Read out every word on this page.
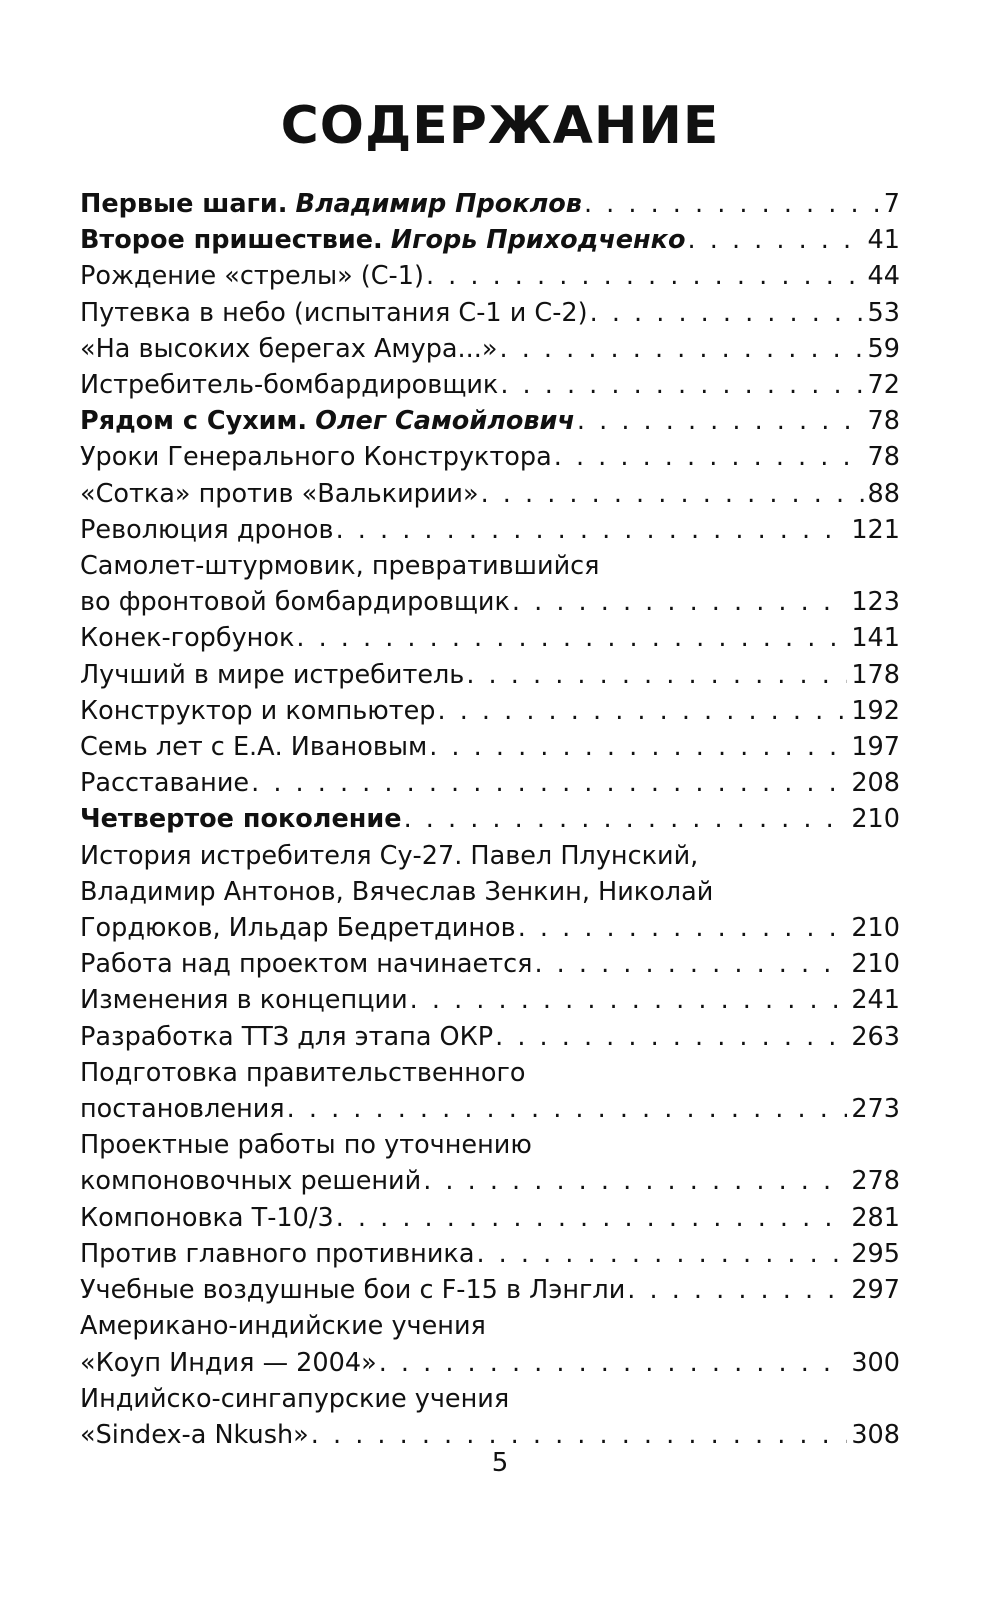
СОДЕРЖАНИЕ
Первые шаги. Владимир Проклов . . .	7
Второе пришествие. Игорь Приходченко . . .	41
Рождение «стрелы» (С-1) . . .	44
Путевка в небо (испытания С-1 и С-2) . . .	53
«На высоких берегах Амура...» . . .	59
Истребитель-бомбардировщик . . .	72
Рядом с Сухим. Олег Самойлович . . .	78
Уроки Генерального Конструктора . . .	78
«Сотка» против «Валькирии» . . .	88
Революция дронов . . .	121
Самолет-штурмовик, превратившийся
во фронтовой бомбардировщик . . .	123
Конек-горбунок . . .	141
Лучший в мире истребитель . . .	178
Конструктор и компьютер . . .	192
Семь лет с Е.А. Ивановым . . .	197
Расставание . . .	208
Четвертое поколение . . .	210
История истребителя Су-27. Павел Плунский,
Владимир Антонов, Вячеслав Зенкин, Николай
Гордюков, Ильдар Бедретдинов . . .	210
Работа над проектом начинается . . .	210
Изменения в концепции . . .	241
Разработка ТТЗ для этапа ОКР . . .	263
Подготовка правительственного
постановления . . .	273
Проектные работы по уточнению
компоновочных решений . . .	278
Компоновка Т-10/3 . . .	281
Против главного противника . . .	295
Учебные воздушные бои с F-15 в Лэнгли . . .	297
Американо-индийские учения
«Коуп Индия — 2004» . . .	300
Индийско-сингапурские учения
«Sindex-a Nkush» . . .	308
5
